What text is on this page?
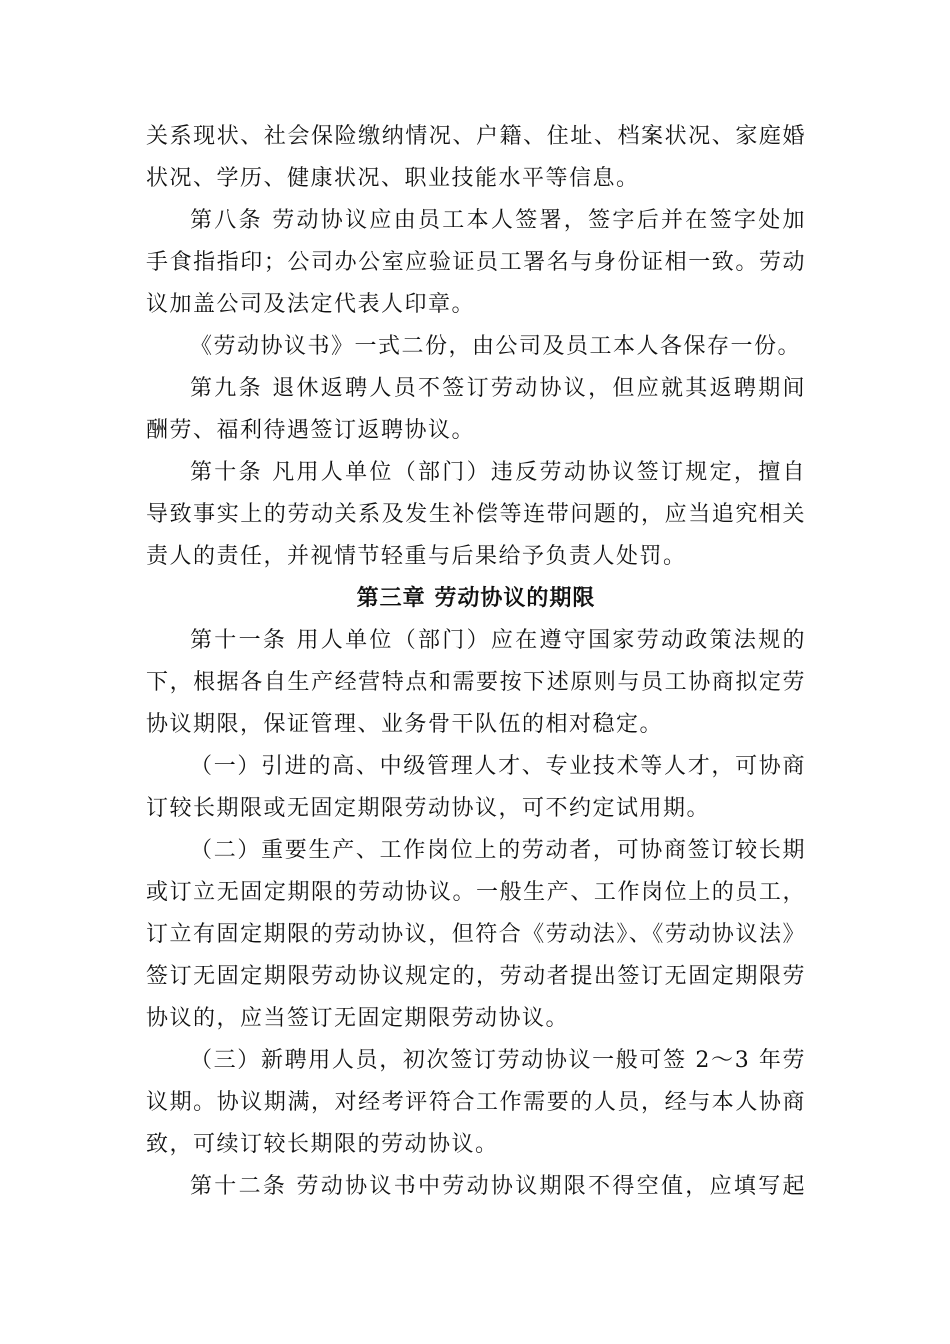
关系现状、社会保险缴纳情况、户籍、住址、档案状况、家庭婚
状况、学历、健康状况、职业技能水平等信息。
第八条 劳动协议应由员工本人签署，签字后并在签字处加
手食指指印；公司办公室应验证员工署名与身份证相一致。劳动
议加盖公司及法定代表人印章。
《劳动协议书》一式二份，由公司及员工本人各保存一份。
第九条 退休返聘人员不签订劳动协议，但应就其返聘期间
酬劳、福利待遇签订返聘协议。
第十条 凡用人单位（部门）违反劳动协议签订规定，擅自
导致事实上的劳动关系及发生补偿等连带问题的，应当追究相关
责人的责任，并视情节轻重与后果给予负责人处罚。
第三章 劳动协议的期限
第十一条 用人单位（部门）应在遵守国家劳动政策法规的
下，根据各自生产经营特点和需要按下述原则与员工协商拟定劳
协议期限，保证管理、业务骨干队伍的相对稳定。
（一）引进的高、中级管理人才、专业技术等人才，可协商
订较长期限或无固定期限劳动协议，可不约定试用期。
（二）重要生产、工作岗位上的劳动者，可协商签订较长期
或订立无固定期限的劳动协议。一般生产、工作岗位上的员工，
订立有固定期限的劳动协议，但符合《劳动法》、《劳动协议法》
签订无固定期限劳动协议规定的，劳动者提出签订无固定期限劳
协议的，应当签订无固定期限劳动协议。
（三）新聘用人员，初次签订劳动协议一般可签 2～3 年劳
议期。协议期满，对经考评符合工作需要的人员，经与本人协商
致，可续订较长期限的劳动协议。
第十二条 劳动协议书中劳动协议期限不得空值，应填写起
